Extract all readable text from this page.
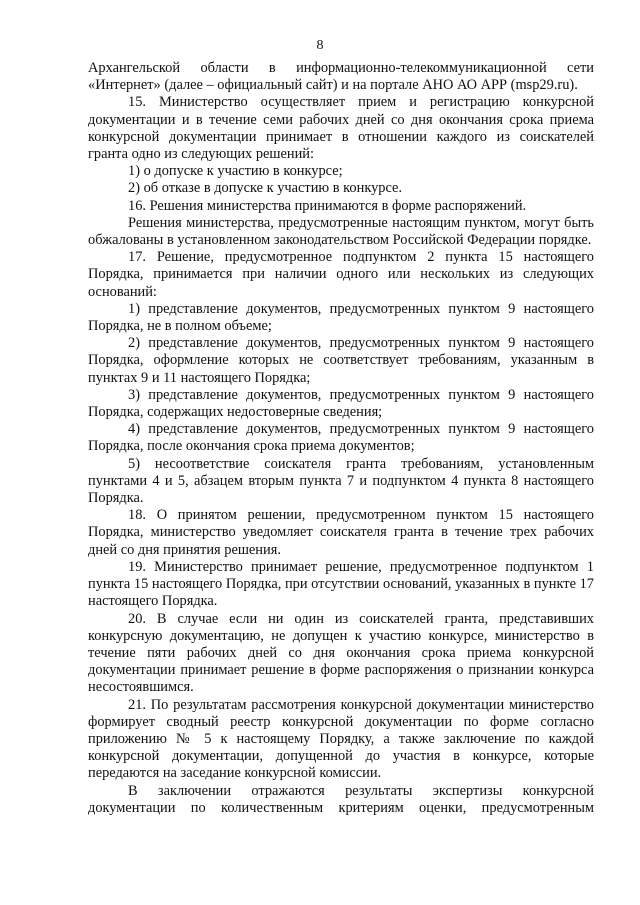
8

Архангельской области в информационно-телекоммуникационной сети «Интернет» (далее – официальный сайт) и на портале АНО АО АРР (msp29.ru).

15. Министерство осуществляет прием и регистрацию конкурсной документации и в течение семи рабочих дней со дня окончания срока приема конкурсной документации принимает в отношении каждого из соискателей гранта одно из следующих решений:

1) о допуске к участию в конкурсе;

2) об отказе в допуске к участию в конкурсе.

16. Решения министерства принимаются в форме распоряжений.

Решения министерства, предусмотренные настоящим пунктом, могут быть обжалованы в установленном законодательством Российской Федерации порядке.

17. Решение, предусмотренное подпунктом 2 пункта 15 настоящего Порядка, принимается при наличии одного или нескольких из следующих оснований:

1) представление документов, предусмотренных пунктом 9 настоящего Порядка, не в полном объеме;

2) представление документов, предусмотренных пунктом 9 настоящего Порядка, оформление которых не соответствует требованиям, указанным в пунктах 9 и 11 настоящего Порядка;

3) представление документов, предусмотренных пунктом 9 настоящего Порядка, содержащих недостоверные сведения;

4) представление документов, предусмотренных пунктом 9 настоящего Порядка, после окончания срока приема документов;

5) несоответствие соискателя гранта требованиям, установленным пунктами 4 и 5, абзацем вторым пункта 7 и подпунктом 4 пункта 8 настоящего Порядка.

18. О принятом решении, предусмотренном пунктом 15 настоящего Порядка, министерство уведомляет соискателя гранта в течение трех рабочих дней со дня принятия решения.

19. Министерство принимает решение, предусмотренное подпунктом 1 пункта 15 настоящего Порядка, при отсутствии оснований, указанных в пункте 17 настоящего Порядка.

20. В случае если ни один из соискателей гранта, представивших конкурсную документацию, не допущен к участию конкурсе, министерство в течение пяти рабочих дней со дня окончания срока приема конкурсной документации принимает решение в форме распоряжения о признании конкурса несостоявшимся.

21. По результатам рассмотрения конкурсной документации министерство формирует сводный реестр конкурсной документации по форме согласно приложению № 5 к настоящему Порядку, а также заключение по каждой конкурсной документации, допущенной до участия в конкурсе, которые передаются на заседание конкурсной комиссии.

В заключении отражаются результаты экспертизы конкурсной документации по количественным критериям оценки, предусмотренным
